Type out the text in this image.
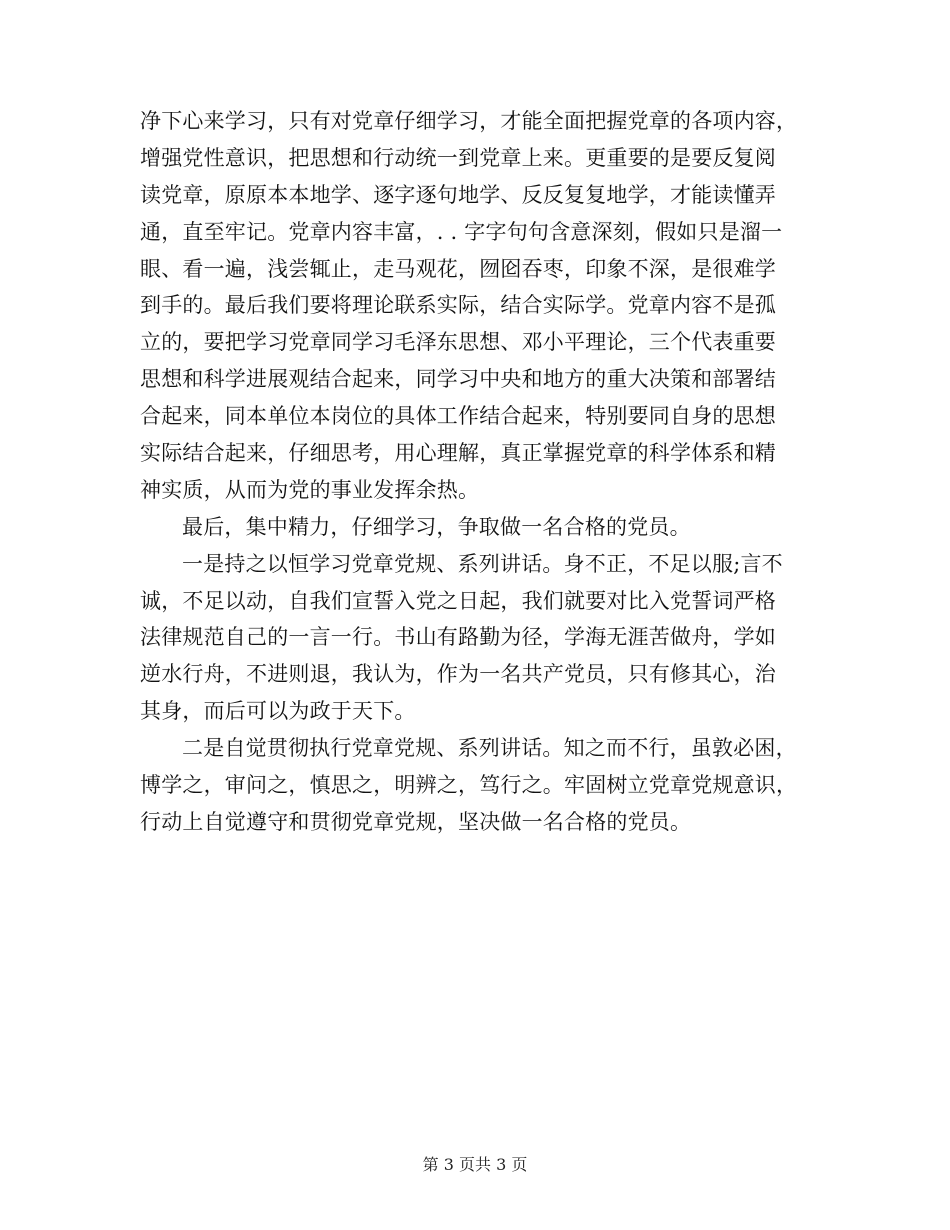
净下心来学习，只有对党章仔细学习，才能全面把握党章的各项内容，
增强党性意识，把思想和行动统一到党章上来。更重要的是要反复阅
读党章，原原本本地学、逐字逐句地学、反反复复地学，才能读懂弄
通，直至牢记。党章内容丰富，. . 字字句句含意深刻，假如只是溜一
眼、看一遍，浅尝辄止，走马观花，囫囵吞枣，印象不深，是很难学
到手的。最后我们要将理论联系实际，结合实际学。党章内容不是孤
立的，要把学习党章同学习毛泽东思想、邓小平理论，三个代表重要
思想和科学进展观结合起来，同学习中央和地方的重大决策和部署结
合起来，同本单位本岗位的具体工作结合起来，特别要同自身的思想
实际结合起来，仔细思考，用心理解，真正掌握党章的科学体系和精
神实质，从而为党的事业发挥余热。
最后，集中精力，仔细学习，争取做一名合格的党员。
一是持之以恒学习党章党规、系列讲话。身不正，不足以服;言不
诚，不足以动，自我们宣誓入党之日起，我们就要对比入党誓词严格
法律规范自己的一言一行。书山有路勤为径，学海无涯苦做舟，学如
逆水行舟，不进则退，我认为，作为一名共产党员，只有修其心，治
其身，而后可以为政于天下。
二是自觉贯彻执行党章党规、系列讲话。知之而不行，虽敦必困，
博学之，审问之，慎思之，明辨之，笃行之。牢固树立党章党规意识，
行动上自觉遵守和贯彻党章党规，坚决做一名合格的党员。
第 3 页共 3 页
